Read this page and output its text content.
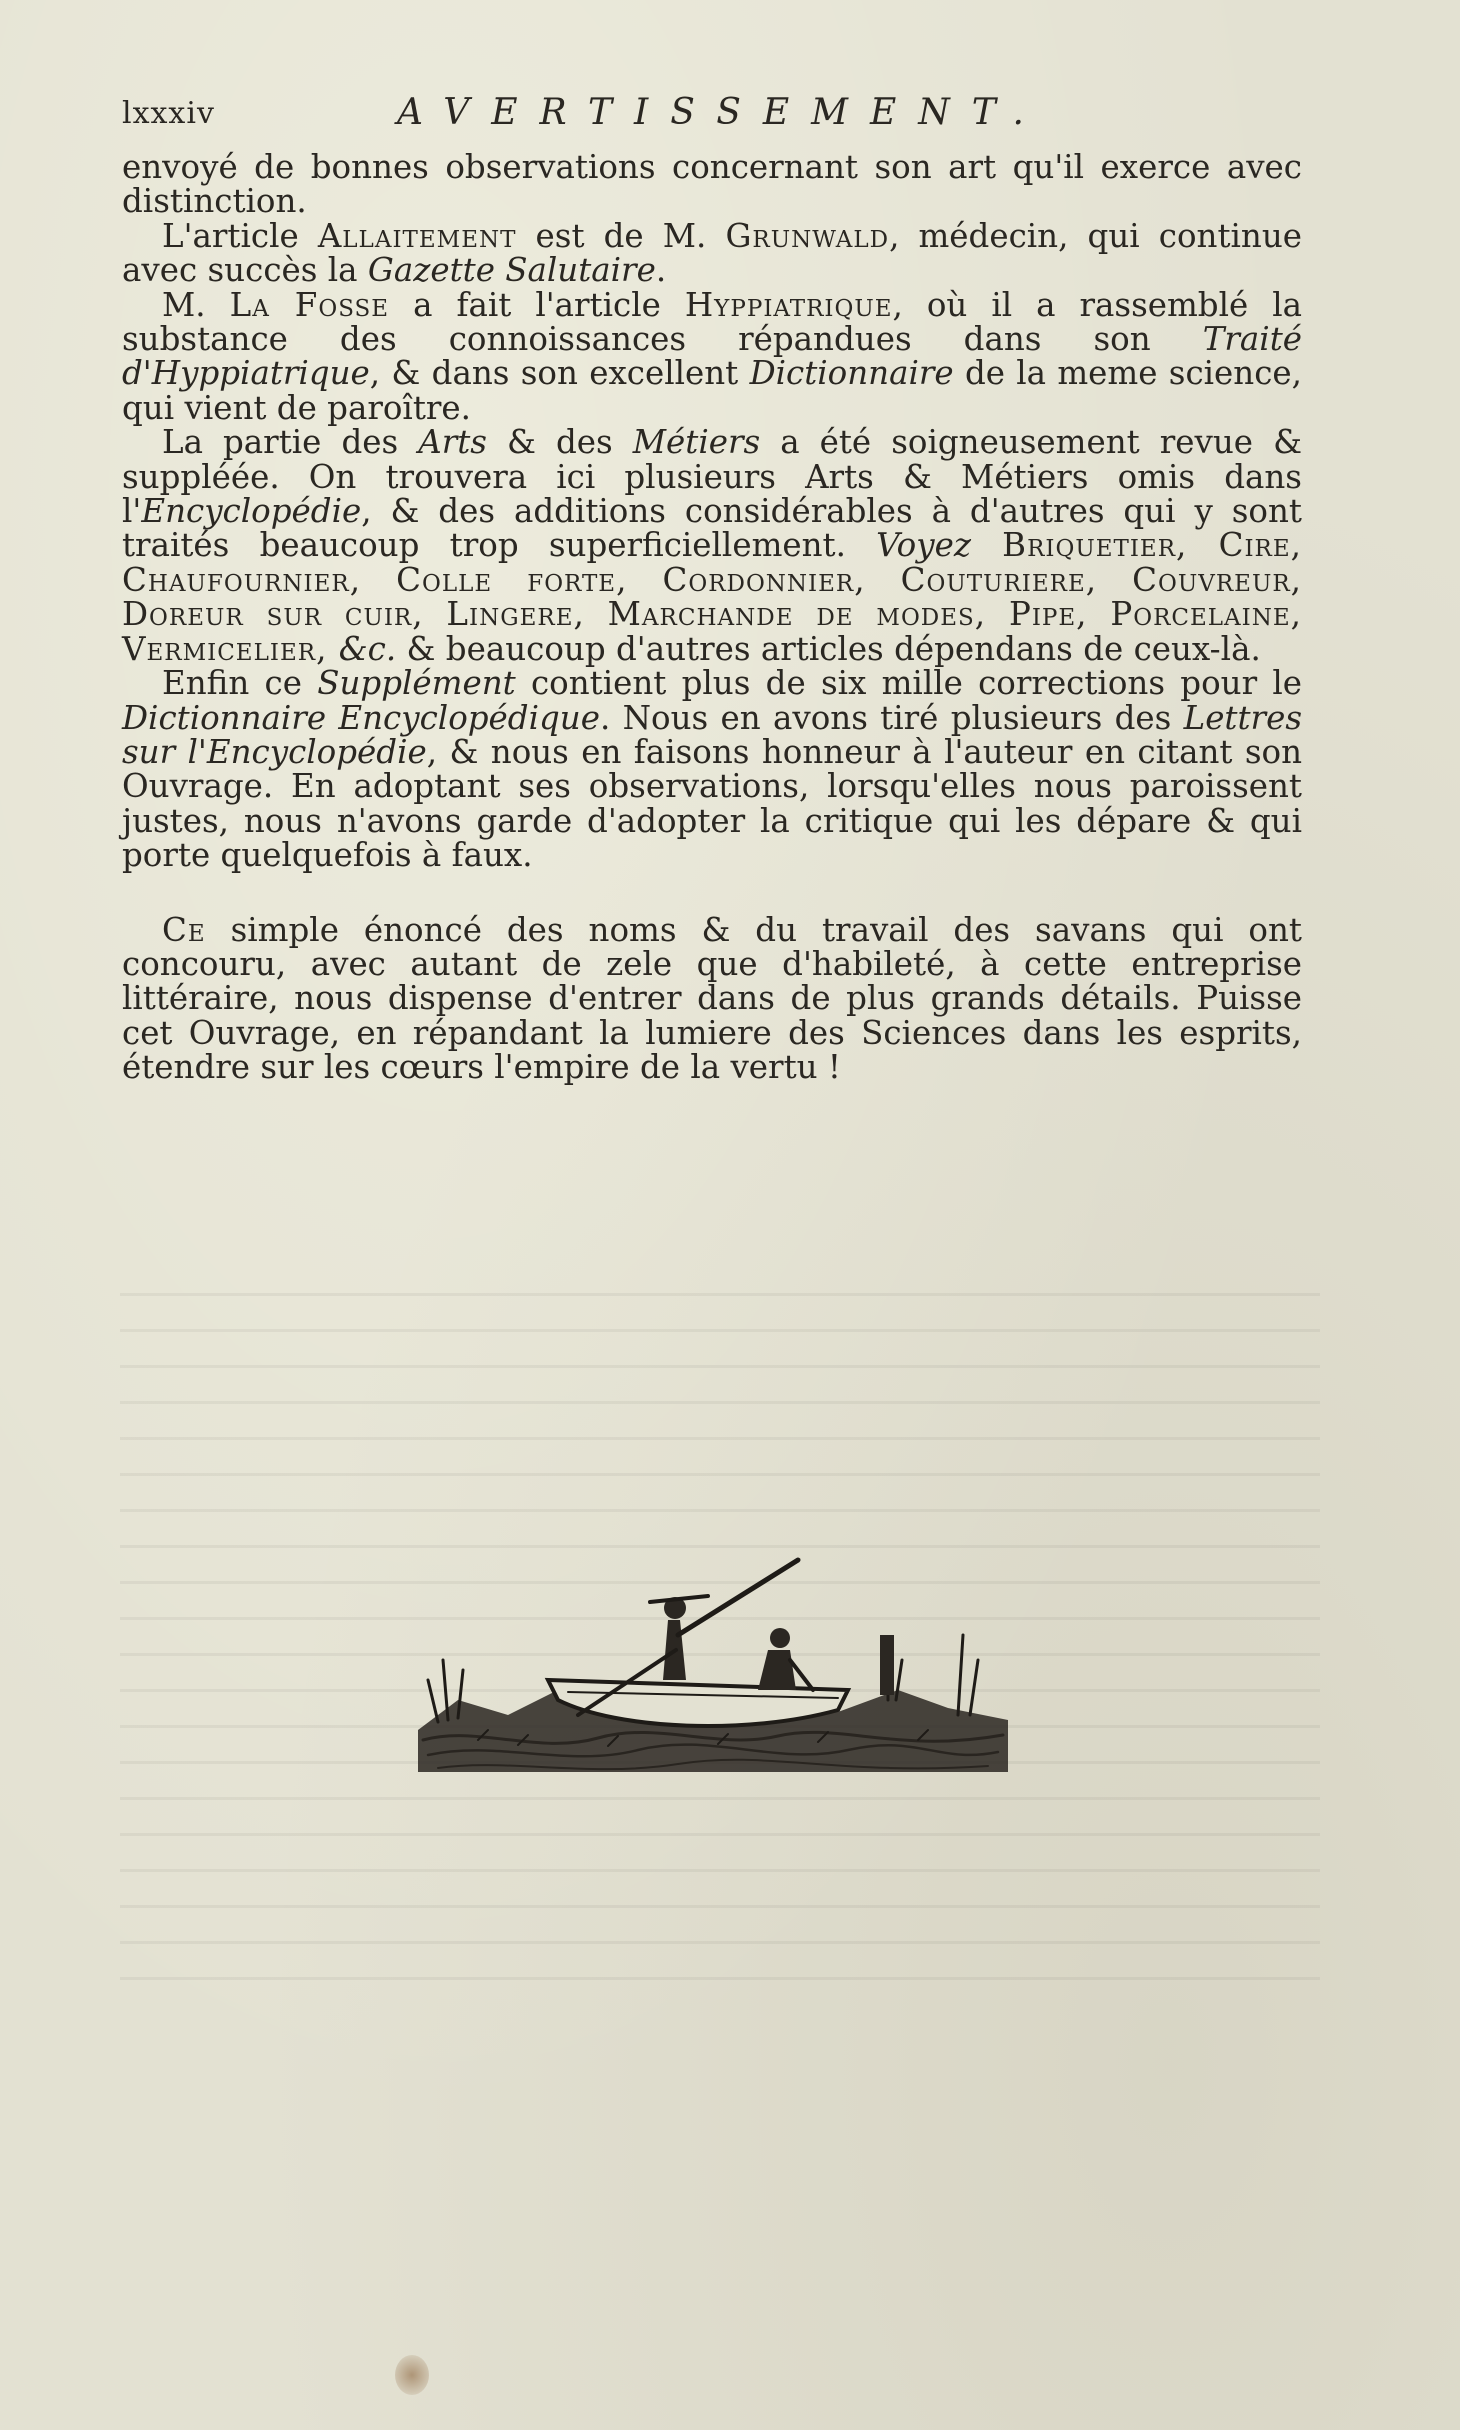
lxxxiv	AVERTISSEMENT.

envoyé de bonnes observations concernant son art qu'il exerce avec distinction.

L'article Allaitement est de M. Grunwald, médecin, qui continue avec succès la Gazette Salutaire.

M. La Fosse a fait l'article Hyppiatrique, où il a rassemblé la substance des connoissances répandues dans son Traité d'Hyppiatrique, & dans son excellent Dictionnaire de la meme science, qui vient de paroître.

La partie des Arts & des Métiers a été soigneusement revue & suppléée. On trouvera ici plusieurs Arts & Métiers omis dans l'Encyclopédie, & des additions considérables à d'autres qui y sont traités beaucoup trop superficiellement. Voyez Briquetier, Cire, Chaufournier, Colle forte, Cordonnier, Couturiere, Couvreur, Doreur sur cuir, Lingere, Marchande de modes, Pipe, Porcelaine, Vermicelier, &c. & beaucoup d'autres articles dépendans de ceux-là.

Enfin ce Supplément contient plus de six mille corrections pour le Dictionnaire Encyclopédique. Nous en avons tiré plusieurs des Lettres sur l'Encyclopédie, & nous en faisons honneur à l'auteur en citant son Ouvrage. En adoptant ses observations, lorsqu'elles nous paroissent justes, nous n'avons garde d'adopter la critique qui les dépare & qui porte quelquefois à faux.

Ce simple énoncé des noms & du travail des savans qui ont concouru, avec autant de zele que d'habileté, à cette entreprise littéraire, nous dispense d'entrer dans de plus grands détails. Puisse cet Ouvrage, en répandant la lumiere des Sciences dans les esprits, étendre sur les cœurs l'empire de la vertu !
